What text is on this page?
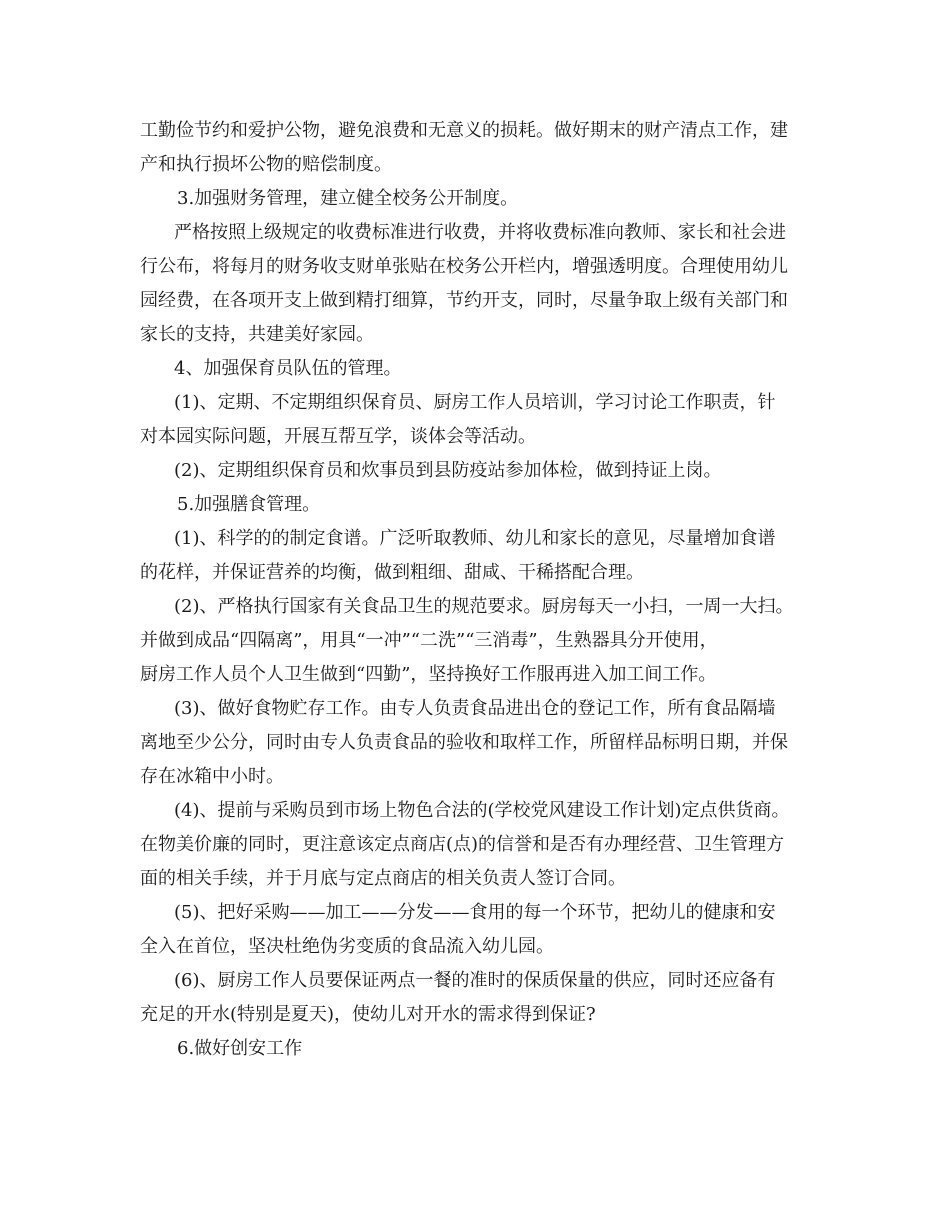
工勤俭节约和爱护公物，避免浪费和无意义的损耗。做好期末的财产清点工作，建
产和执行损坏公物的赔偿制度。
3.加强财务管理，建立健全校务公开制度。
严格按照上级规定的收费标准进行收费，并将收费标准向教师、家长和社会进
行公布，将每月的财务收支财单张贴在校务公开栏内，增强透明度。合理使用幼儿
园经费，在各项开支上做到精打细算，节约开支，同时，尽量争取上级有关部门和
家长的支持，共建美好家园。
4、加强保育员队伍的管理。
(1)、定期、不定期组织保育员、厨房工作人员培训，学习讨论工作职责，针
对本园实际问题，开展互帮互学，谈体会等活动。
(2)、定期组织保育员和炊事员到县防疫站参加体检，做到持证上岗。
5.加强膳食管理。
(1)、科学的的制定食谱。广泛听取教师、幼儿和家长的意见，尽量增加食谱
的花样，并保证营养的均衡，做到粗细、甜咸、干稀搭配合理。
(2)、严格执行国家有关食品卫生的规范要求。厨房每天一小扫，一周一大扫。
并做到成品“四隔离”，用具“一冲”“二洗”“三消毒”，生熟器具分开使用，
厨房工作人员个人卫生做到“四勤”，坚持换好工作服再进入加工间工作。
(3)、做好食物贮存工作。由专人负责食品进出仓的登记工作，所有食品隔墙
离地至少公分，同时由专人负责食品的验收和取样工作，所留样品标明日期，并保
存在冰箱中小时。
(4)、提前与采购员到市场上物色合法的(学校党风建设工作计划)定点供货商。
在物美价廉的同时，更注意该定点商店(点)的信誉和是否有办理经营、卫生管理方
面的相关手续，并于月底与定点商店的相关负责人签订合同。
(5)、把好采购——加工——分发——食用的每一个环节，把幼儿的健康和安
全入在首位，坚决杜绝伪劣变质的食品流入幼儿园。
(6)、厨房工作人员要保证两点一餐的准时的保质保量的供应，同时还应备有
充足的开水(特别是夏天)，使幼儿对开水的需求得到保证?
6.做好创安工作
